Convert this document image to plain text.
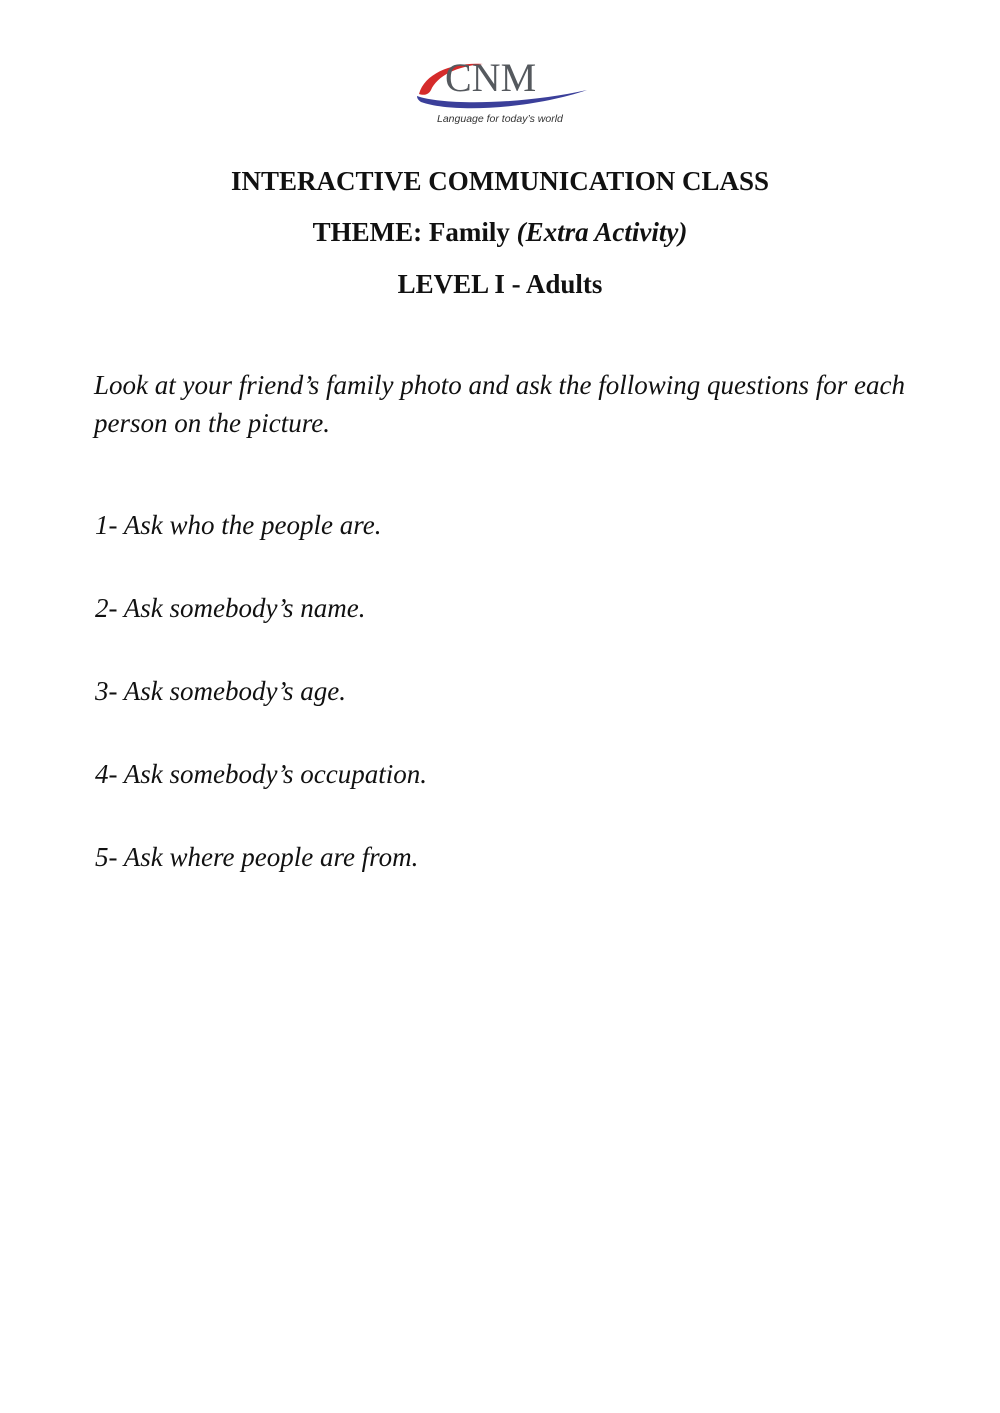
CNM
Language for today’s world
INTERACTIVE COMMUNICATION CLASS
THEME: Family (Extra Activity)
LEVEL I - Adults

Look at your friend’s family photo and ask the following questions for each person on the picture.

1- Ask who the people are.
2- Ask somebody’s name.
3- Ask somebody’s age.
4- Ask somebody’s occupation.
5- Ask where people are from.
